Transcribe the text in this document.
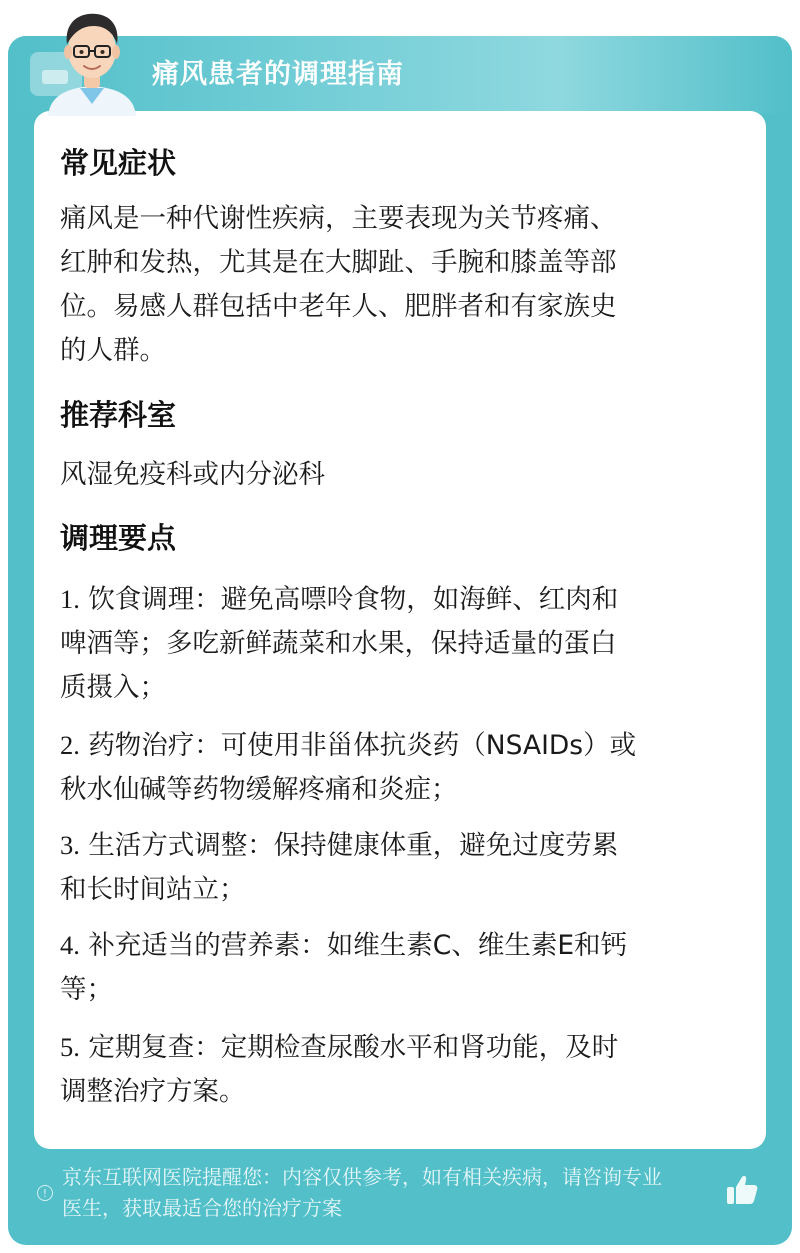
痛风患者的调理指南
常见症状
痛风是一种代谢性疾病，主要表现为关节疼痛、
红肿和发热，尤其是在大脚趾、手腕和膝盖等部
位。易感人群包括中老年人、肥胖者和有家族史
的人群。
推荐科室
风湿免疫科或内分泌科
调理要点
1. 饮食调理：避免高嘌呤食物，如海鲜、红肉和
啤酒等；多吃新鲜蔬菜和水果，保持适量的蛋白
质摄入；
2. 药物治疗：可使用非甾体抗炎药（NSAIDs）或
秋水仙碱等药物缓解疼痛和炎症；
3. 生活方式调整：保持健康体重，避免过度劳累
和长时间站立；
4. 补充适当的营养素：如维生素C、维生素E和钙
等；
5. 定期复查：定期检查尿酸水平和肾功能，及时
调整治疗方案。
!
京东互联网医院提醒您：内容仅供参考，如有相关疾病，请咨询专业
医生，获取最适合您的治疗方案
